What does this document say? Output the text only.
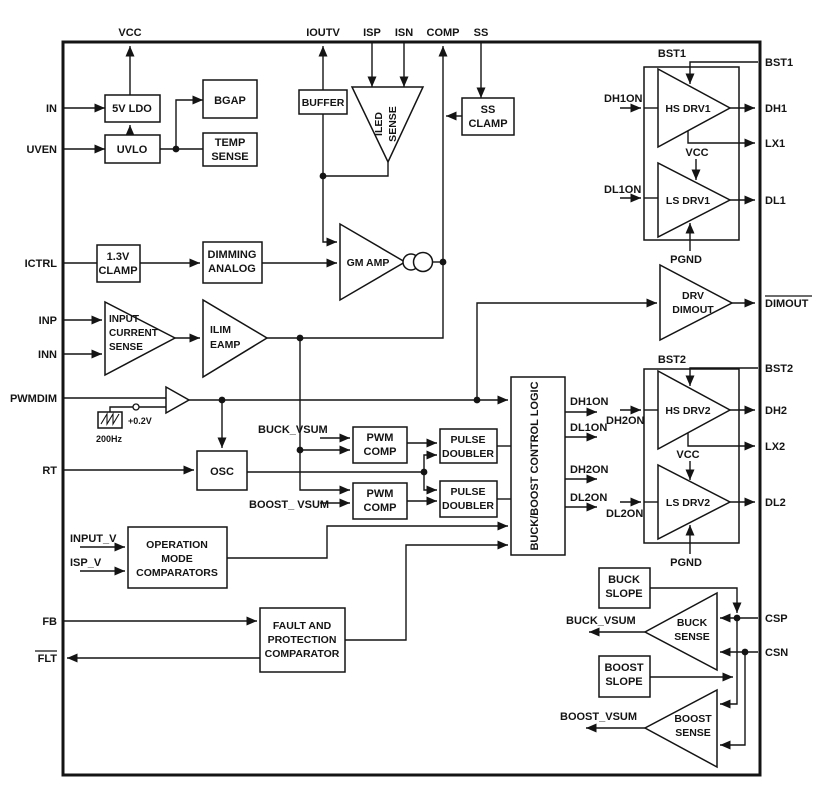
VCC	IOUTV ISP ISN COMP SS
IN
UVEN
ICTRL
INP
INN
PWMDIM
RT
FB
FLT
BST1
DH1
LX1
DL1
DIMOUT
BST2
DH2
LX2
DL2
CSP
CSN
5V LDO
UVLO
BGAP
TEMP
SENSE
BUFFER
ILED SENSE	SS
CLAMP
1.3V
CLAMP
DIMMING
ANALOG	GM AMP
INPUT
CURRENT
SENSE
ILIM
EAMP
OSC
PWM
COMP
PULSE
DOUBLER
PWM
COMP
PULSE
DOUBLER	BUCK/BOOST CONTROL LOGIC
DRV
DIMOUT
HS DRV1
LS DRV1
HS DRV2
LS DRV2
OPERATION
MODE
COMPARATORS
FAULT AND
PROTECTION
COMPARATOR
BUCK
SLOPE
BUCK
SENSE
BOOST
SLOPE
BOOST
SENSE
BST1
BST2
VCC
VCC
PGND
PGND
DH1ON
DL1ON
DH2ON
DL2ON
DH1ON
DL1ON
DH2ON
DL2ON
BUCK_VSUM
BOOST_ VSUM
BUCK_VSUM
BOOST_VSUM
INPUT_V
ISP_V
200Hz
+0.2V
